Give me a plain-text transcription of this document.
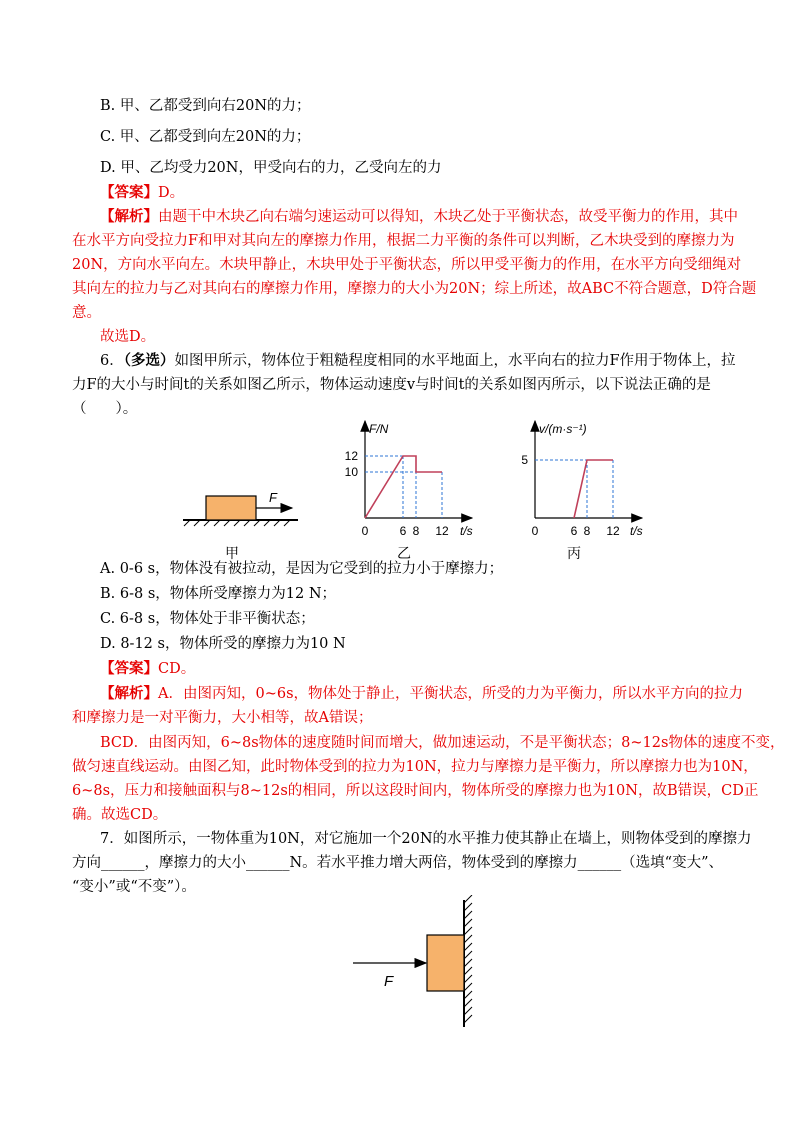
B. 甲、乙都受到向右20N的力；
C. 甲、乙都受到向左20N的力；
D. 甲、乙均受力20N，甲受向右的力，乙受向左的力
【答案】D。
【解析】由题干中木块乙向右端匀速运动可以得知，木块乙处于平衡状态，故受平衡力的作用，其中
在水平方向受拉力F和甲对其向左的摩擦力作用，根据二力平衡的条件可以判断，乙木块受到的摩擦力为
20N，方向水平向左。木块甲静止，木块甲处于平衡状态，所以甲受平衡力的作用，在水平方向受细绳对
其向左的拉力与乙对其向右的摩擦力作用，摩擦力的大小为20N；综上所述，故ABC不符合题意，D符合题
意。
故选D。
6．（多选）如图甲所示，物体位于粗糙程度相同的水平地面上，水平向右的拉力F作用于物体上，拉
力F的大小与时间t的关系如图乙所示，物体运动速度v与时间t的关系如图丙所示，以下说法正确的是
（　　）。
F
甲
F/N
t/s
12
10
0	6 8 12
乙
v/(m·s⁻¹)
t/s
5
0	6 8 12
丙
A. 0-6 s，物体没有被拉动，是因为它受到的拉力小于摩擦力；
B. 6-8 s，物体所受摩擦力为12 N；
C. 6-8 s，物体处于非平衡状态；
D. 8-12 s，物体所受的摩擦力为10 N
【答案】CD。
【解析】A．由图丙知，0~6s，物体处于静止，平衡状态，所受的力为平衡力，所以水平方向的拉力
和摩擦力是一对平衡力，大小相等，故A错误；
BCD．由图丙知，6~8s物体的速度随时间而增大，做加速运动，不是平衡状态；8~12s物体的速度不变，
做匀速直线运动。由图乙知，此时物体受到的拉力为10N，拉力与摩擦力是平衡力，所以摩擦力也为10N，
6~8s，压力和接触面积与8~12s的相同，所以这段时间内，物体所受的摩擦力也为10N，故B错误，CD正
确。故选CD。
7．如图所示，一物体重为10N，对它施加一个20N的水平推力使其静止在墙上，则物体受到的摩擦力
方向______，摩擦力的大小______N。若水平推力增大两倍，物体受到的摩擦力______（选填“变大”、
“变小”或“不变”）。
F
